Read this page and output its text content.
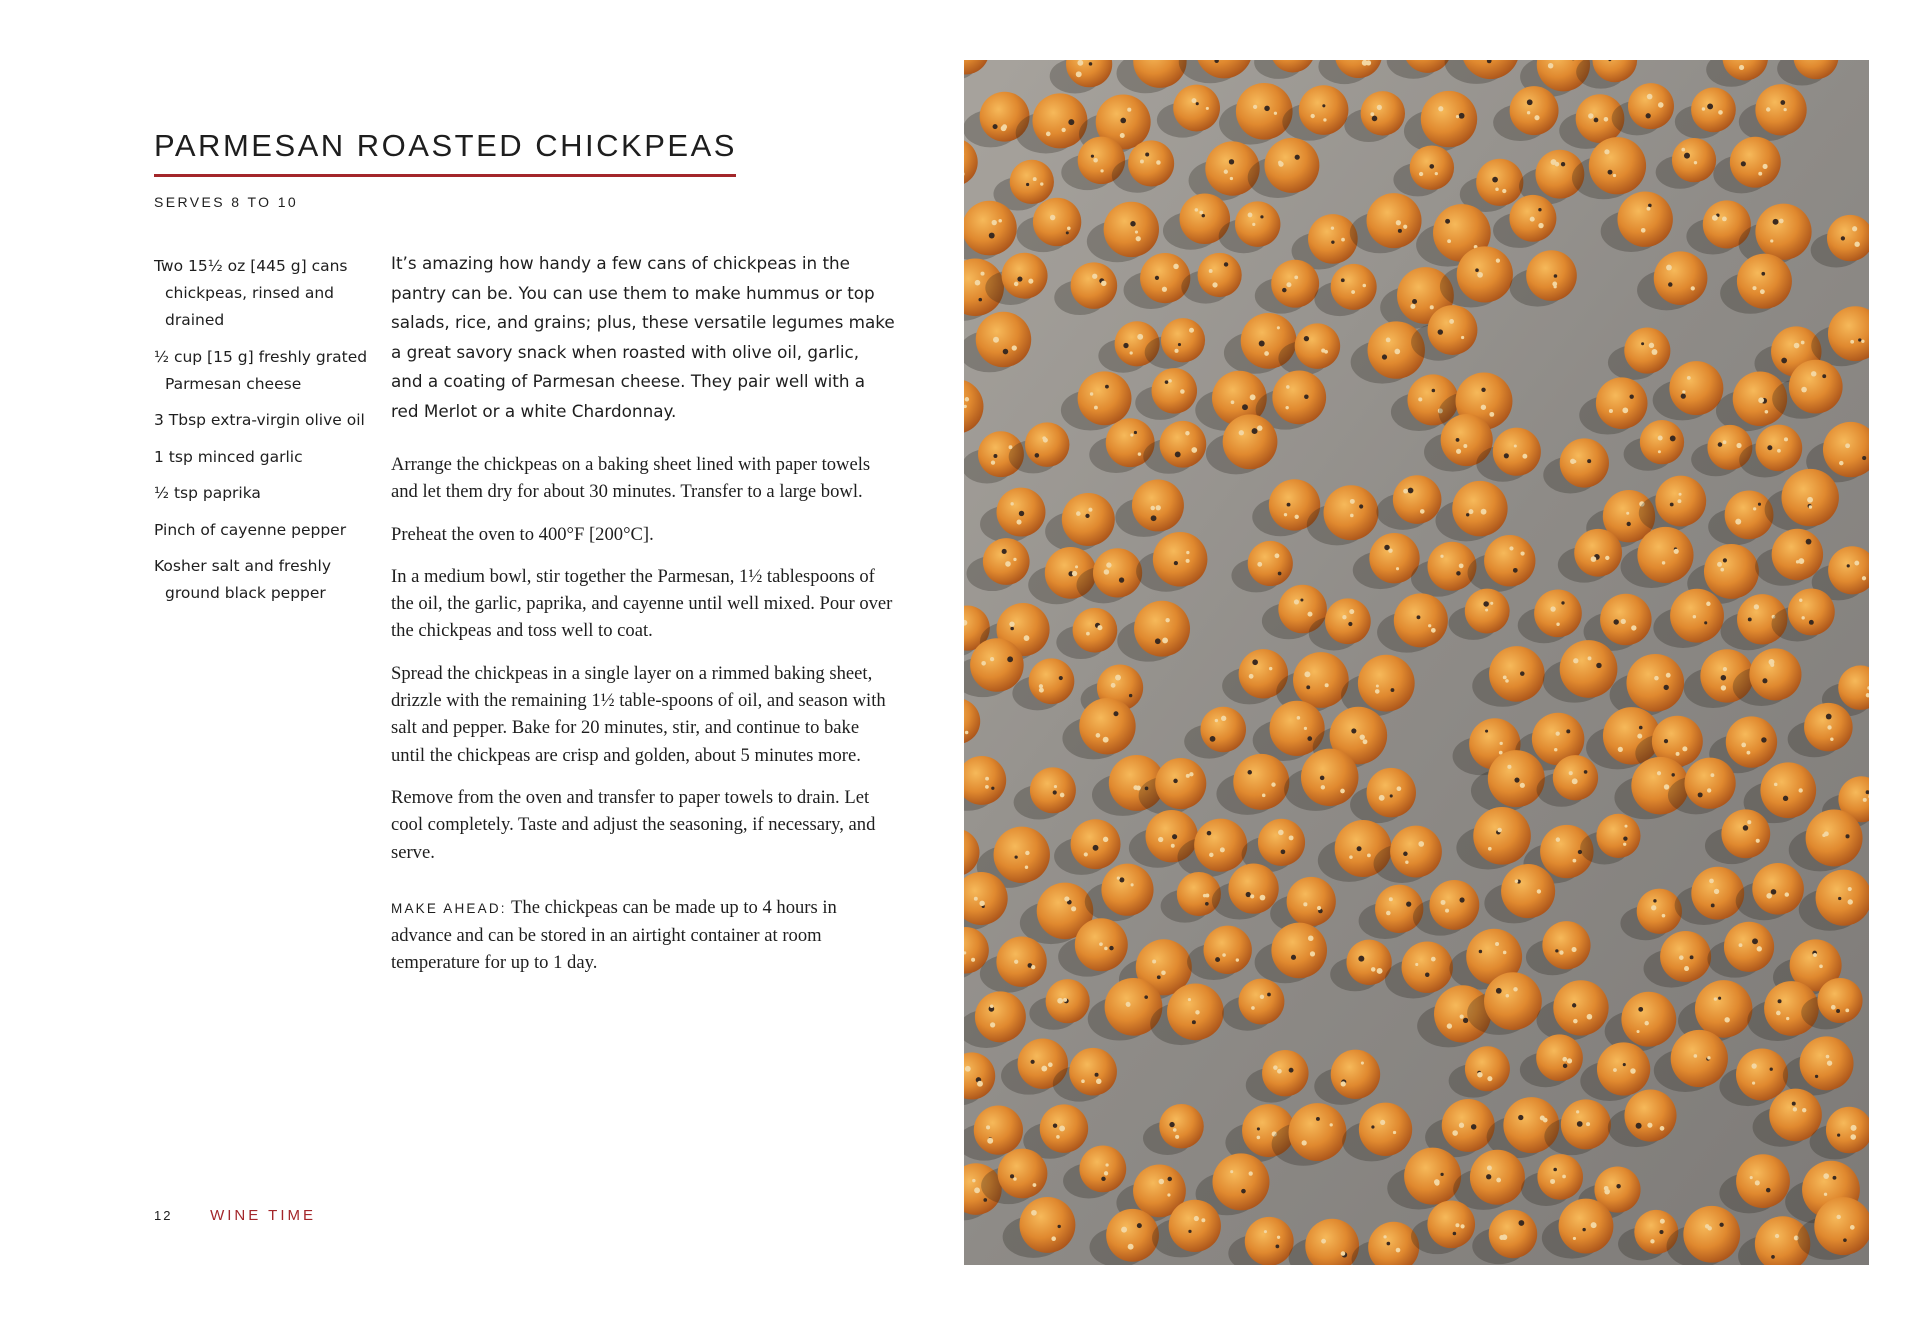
PARMESAN ROASTED CHICKPEAS
SERVES 8 TO 10
Two 15½ oz [445 g] cans chickpeas, rinsed and drained
½ cup [15 g] freshly grated Parmesan cheese
3 Tbsp extra-virgin olive oil
1 tsp minced garlic
½ tsp paprika
Pinch of cayenne pepper
Kosher salt and freshly ground black pepper

It’s amazing how handy a few cans of chickpeas in the pantry can be. You can use them to make hummus or top salads, rice, and grains; plus, these versatile legumes make a great savory snack when roasted with olive oil, garlic, and a coating of Parmesan cheese. They pair well with a red Merlot or a white Chardonnay.

Arrange the chickpeas on a baking sheet lined with paper towels and let them dry for about 30 minutes. Transfer to a large bowl.

Preheat the oven to 400°F [200°C].

In a medium bowl, stir together the Parmesan, 1½ tablespoons of the oil, the garlic, paprika, and cayenne until well mixed. Pour over the chickpeas and toss well to coat.

Spread the chickpeas in a single layer on a rimmed baking sheet, drizzle with the remaining 1½ table-spoons of oil, and season with salt and pepper. Bake for 20 minutes, stir, and continue to bake until the chickpeas are crisp and golden, about 5 minutes more.

Remove from the oven and transfer to paper towels to drain. Let cool completely. Taste and adjust the seasoning, if necessary, and serve.

MAKE AHEAD: The chickpeas can be made up to 4 hours in advance and can be stored in an airtight container at room temperature for up to 1 day.

12	WINE TIME
